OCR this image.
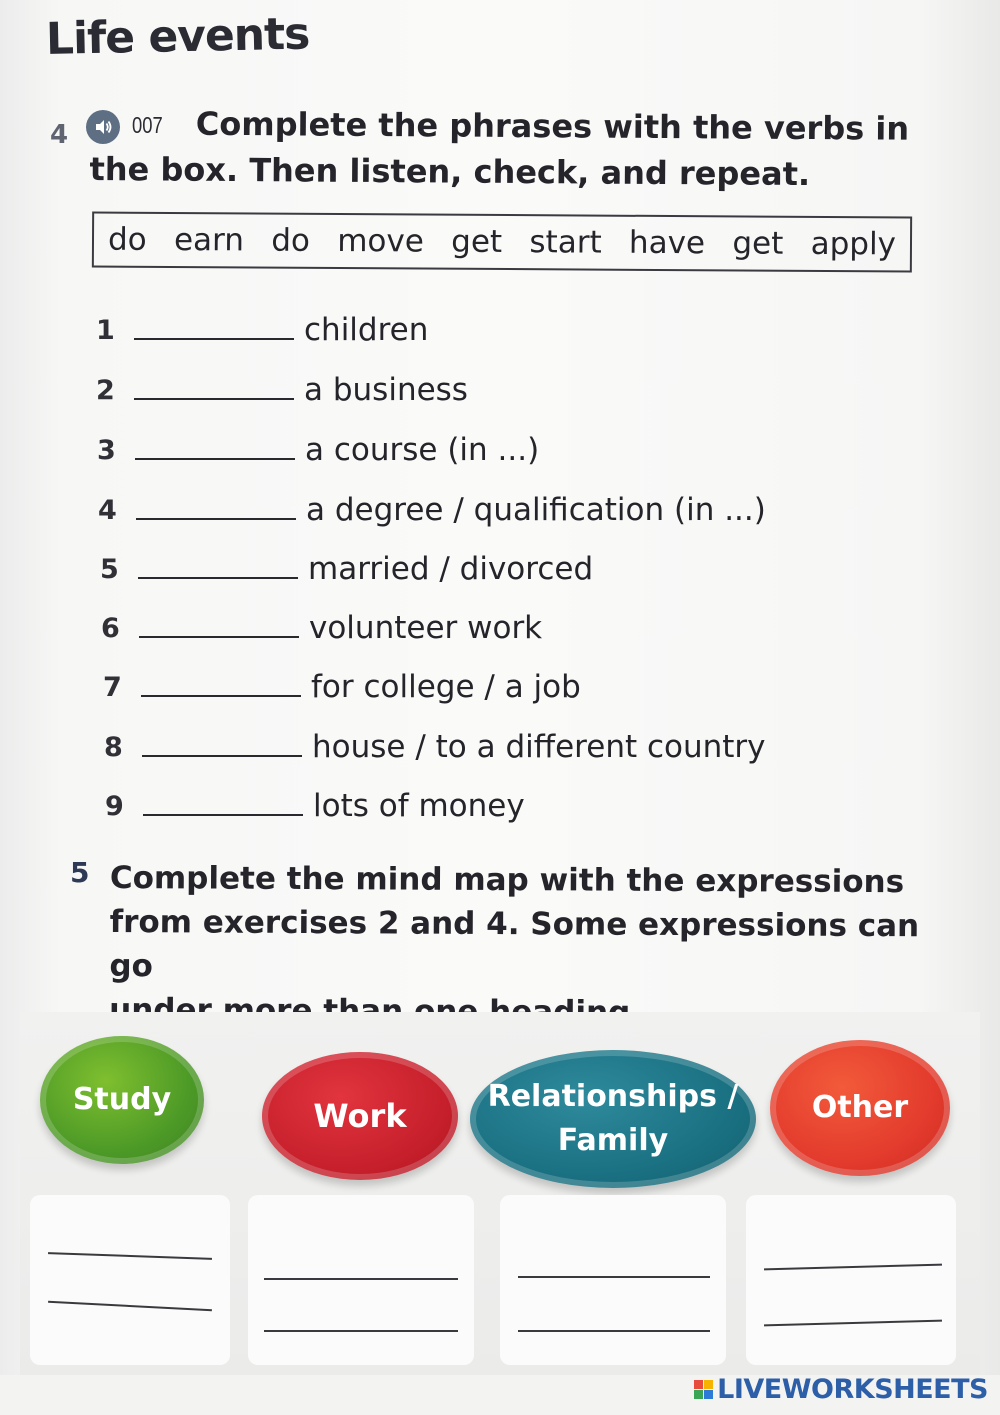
Life events
4	007	Complete the phrases with the verbs in
the box. Then listen, check, and repeat.
do earn do move get start have get apply
1	children
2	a business
3	a course (in ...)
4	a degree / qualification (in ...)
5	married / divorced
6	volunteer work
7	for college / a job
8	house / to a different country
9	lots of money
5 Complete the mind map with the expressions
from exercises 2 and 4. Some expressions can go
Study	Work
Relationships /
Family
Other
LIVEWORKSHEETS
